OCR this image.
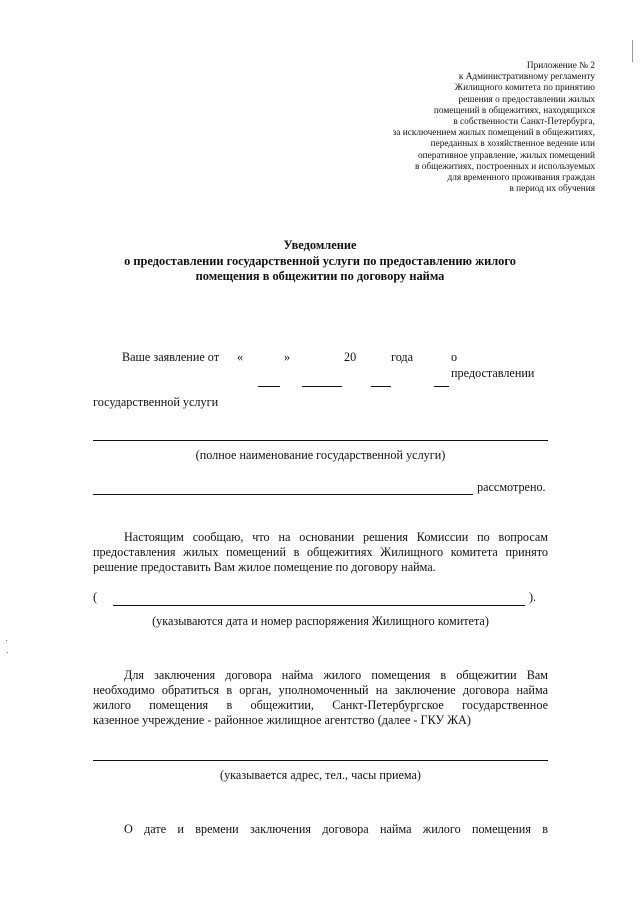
Приложение № 2
к Административному регламенту
Жилищного комитета по принятию
решения о предоставлении жилых
помещений в общежитиях, находящихся
в собственности Санкт-Петербурга,
за исключением жилых помещений в общежитиях,
переданных в хозяйственное ведение или
оперативное управление, жилых помещений
в общежитиях, построенных и используемых
для временного проживания граждан
в период их обучения
Уведомление
о предоставлении государственной услуги по предоставлению жилого
помещения в общежитии по договору найма
Ваше заявление от «	»	20	года	о
предоставлении
государственной услуги
(полное наименование государственной услуги)
рассмотрено.
Настоящим сообщаю, что на основании решения Комиссии по вопросам
предоставления жилых помещений в общежитиях Жилищного комитета принято
решение предоставить Вам жилое помещение по договору найма.
(	).
(указываются дата и номер распоряжения Жилищного комитета)
Для заключения договора найма жилого помещения в общежитии Вам
необходимо обратиться в орган, уполномоченный на заключение договора найма
жилого помещения в общежитии, Санкт-Петербургское государственное
казенное учреждение - районное жилищное агентство (далее - ГКУ ЖА)
(указывается адрес, тел., часы приема)
О дате и времени заключения договора найма жилого помещения в
